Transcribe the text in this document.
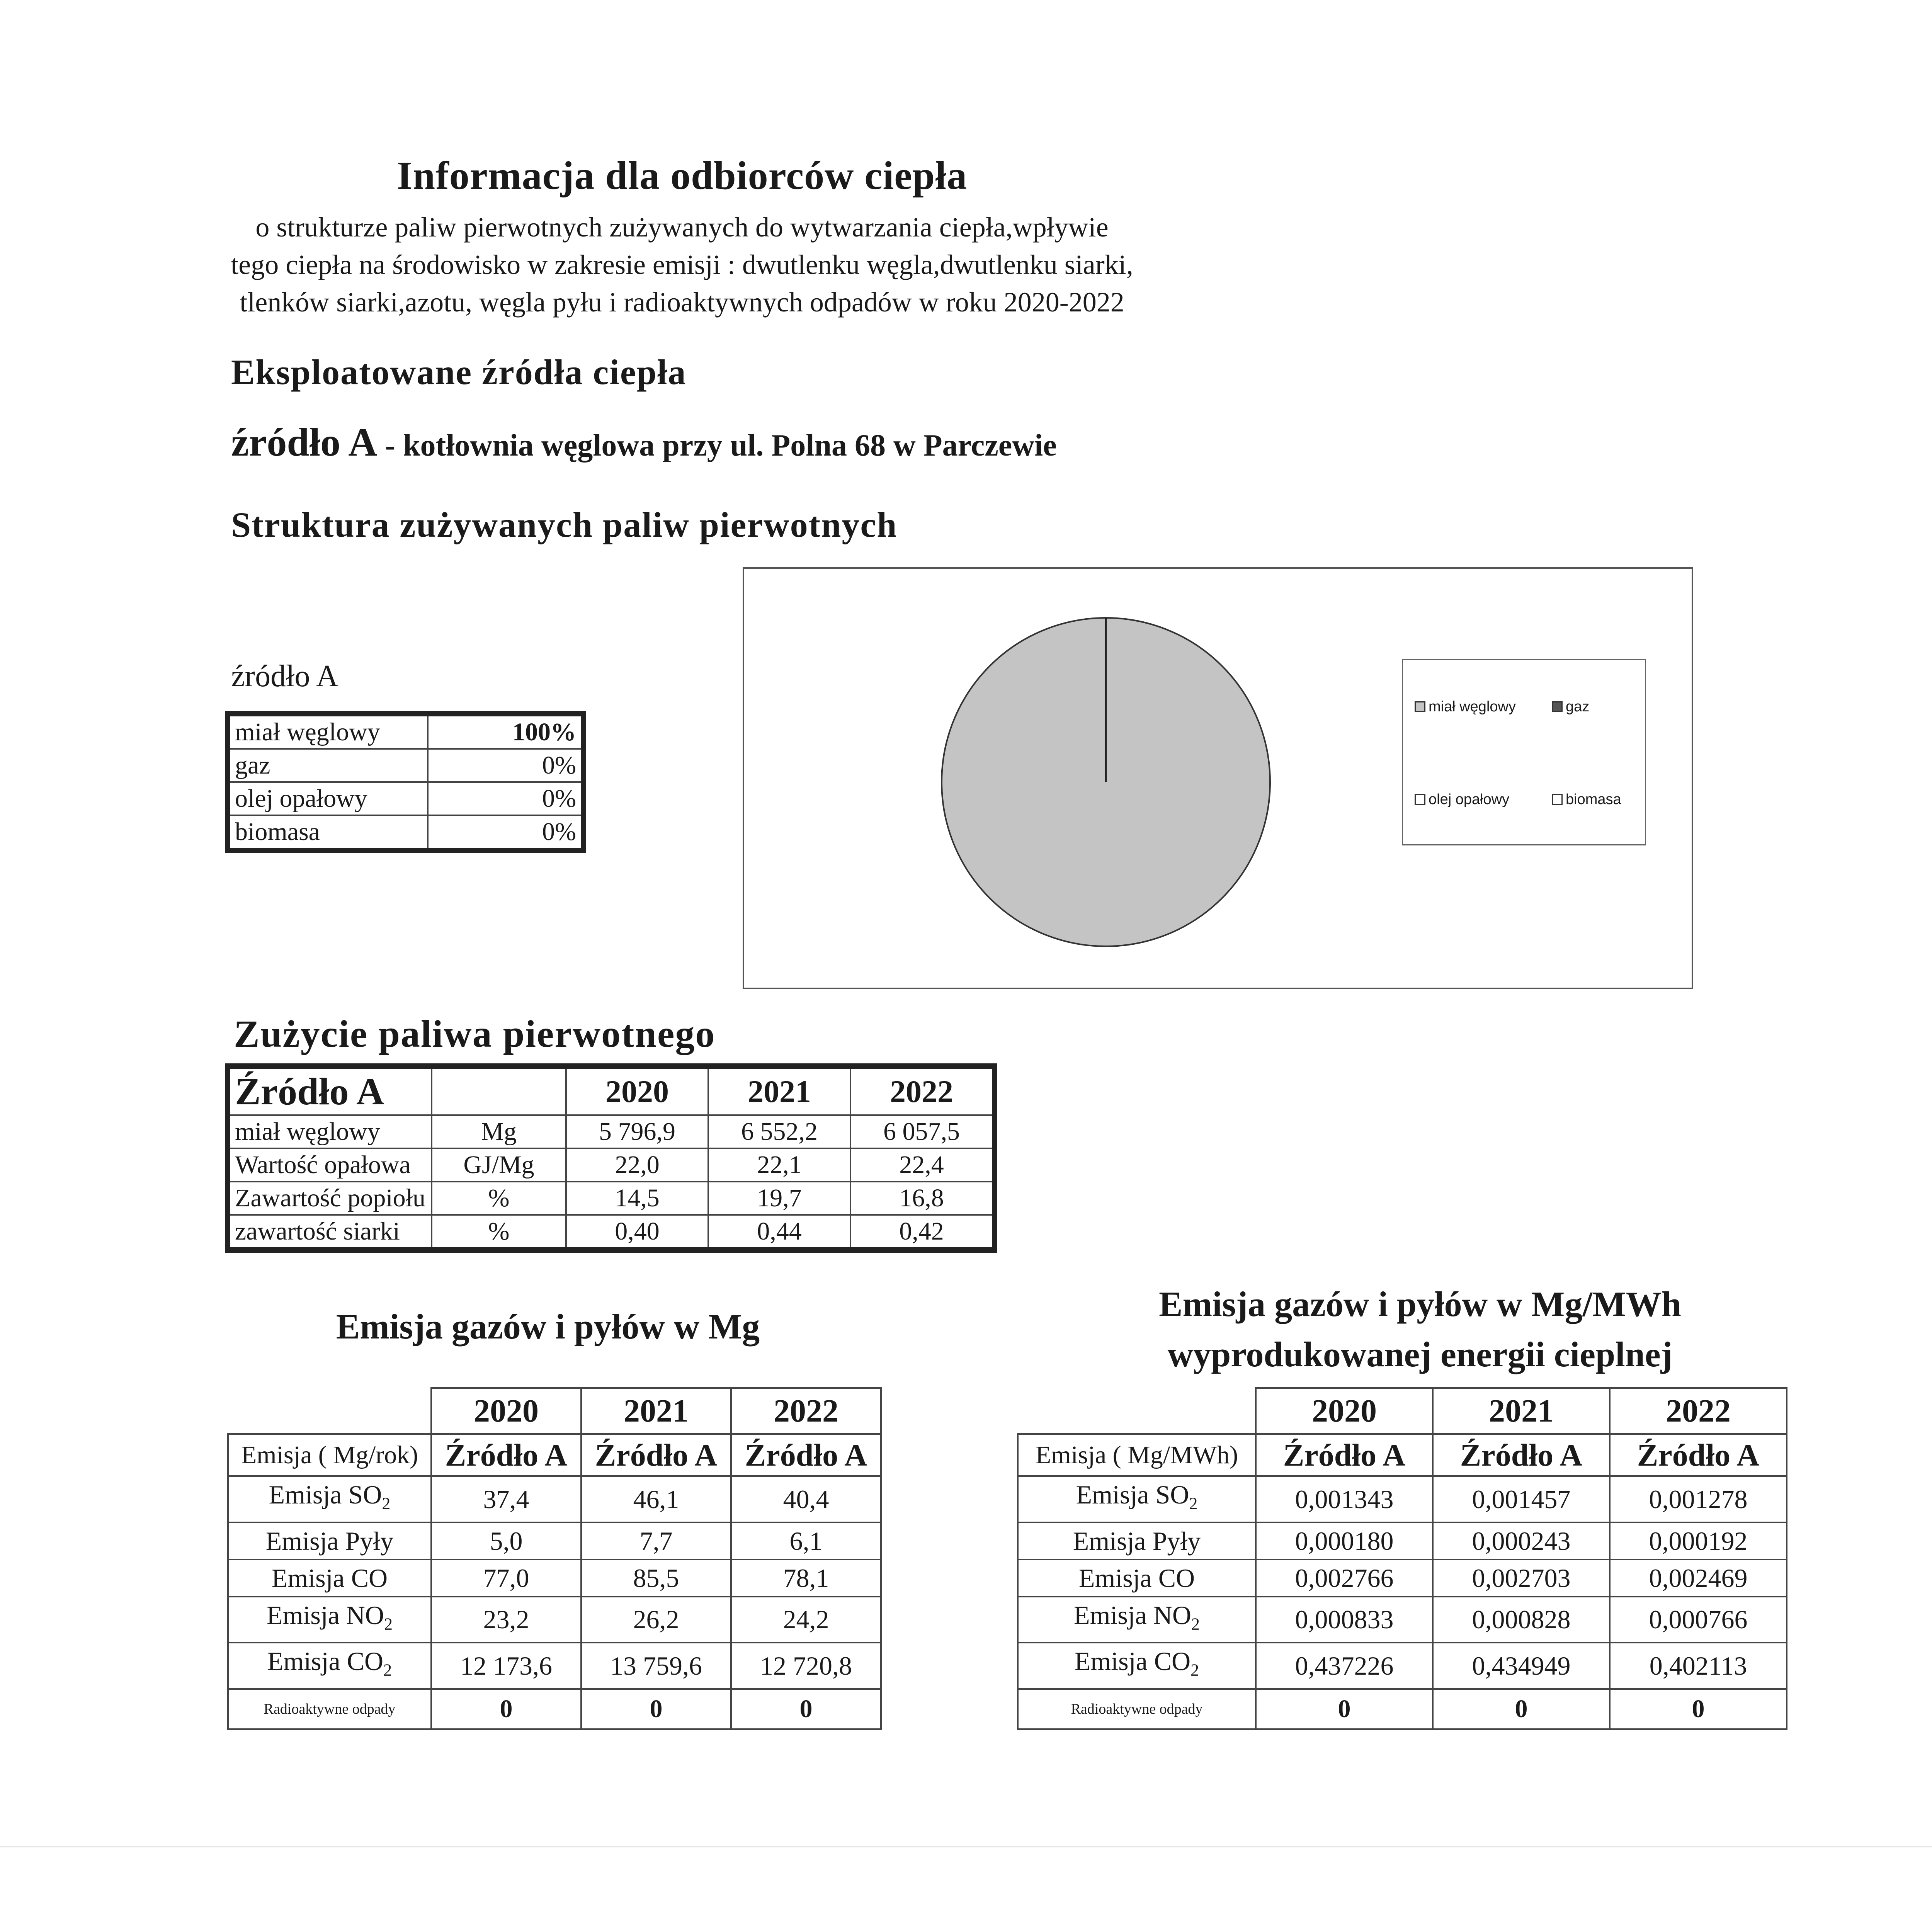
Informacja dla odbiorców ciepła
o strukturze paliw pierwotnych zużywanych do wytwarzania ciepła,wpływie
tego ciepła na środowisko w zakresie emisji : dwutlenku węgla,dwutlenku siarki,
tlenków siarki,azotu, węgla pyłu i radioaktywnych odpadów w roku 2020-2022
Eksploatowane źródła ciepła
źródło A - kotłownia węglowa przy ul. Polna 68 w Parczewie
Struktura zużywanych paliw pierwotnych
źródło A
miał węglowy	100%
gaz	0%
olej opałowy	0%
biomasa	0%
miał węglowy	gaz
olej opałowy	biomasa
Zużycie paliwa pierwotnego
Źródło A		2020	2021	2022
miał węglowy	Mg	5 796,9	6 552,2	6 057,5
Wartość opałowa	GJ/Mg	22,0	22,1	22,4
Zawartość popiołu	%	14,5	19,7	16,8
zawartość siarki	%	0,40	0,44	0,42
Emisja gazów i pyłów w Mg
Emisja gazów i pyłów w Mg/MWh
wyprodukowanej energii cieplnej
	2020	2021	2022
Emisja ( Mg/rok)	Źródło A	Źródło A	Źródło A
Emisja $SO_2$	37,4	46,1	40,4
Emisja Pyły	5,0	7,7	6,1
Emisja CO	77,0	85,5	78,1
Emisja $NO_2$	23,2	26,2	24,2
Emisja $CO_2$	12 173,6	13 759,6	12 720,8
Radioaktywne odpady	0	0	0
	2020	2021	2022
Emisja ( Mg/MWh)	Źródło A	Źródło A	Źródło A
Emisja $SO_2$	0,001343	0,001457	0,001278
Emisja Pyły	0,000180	0,000243	0,000192
Emisja CO	0,002766	0,002703	0,002469
Emisja $NO_2$	0,000833	0,000828	0,000766
Emisja $CO_2$	0,437226	0,434949	0,402113
Radioaktywne odpady	0	0	0
